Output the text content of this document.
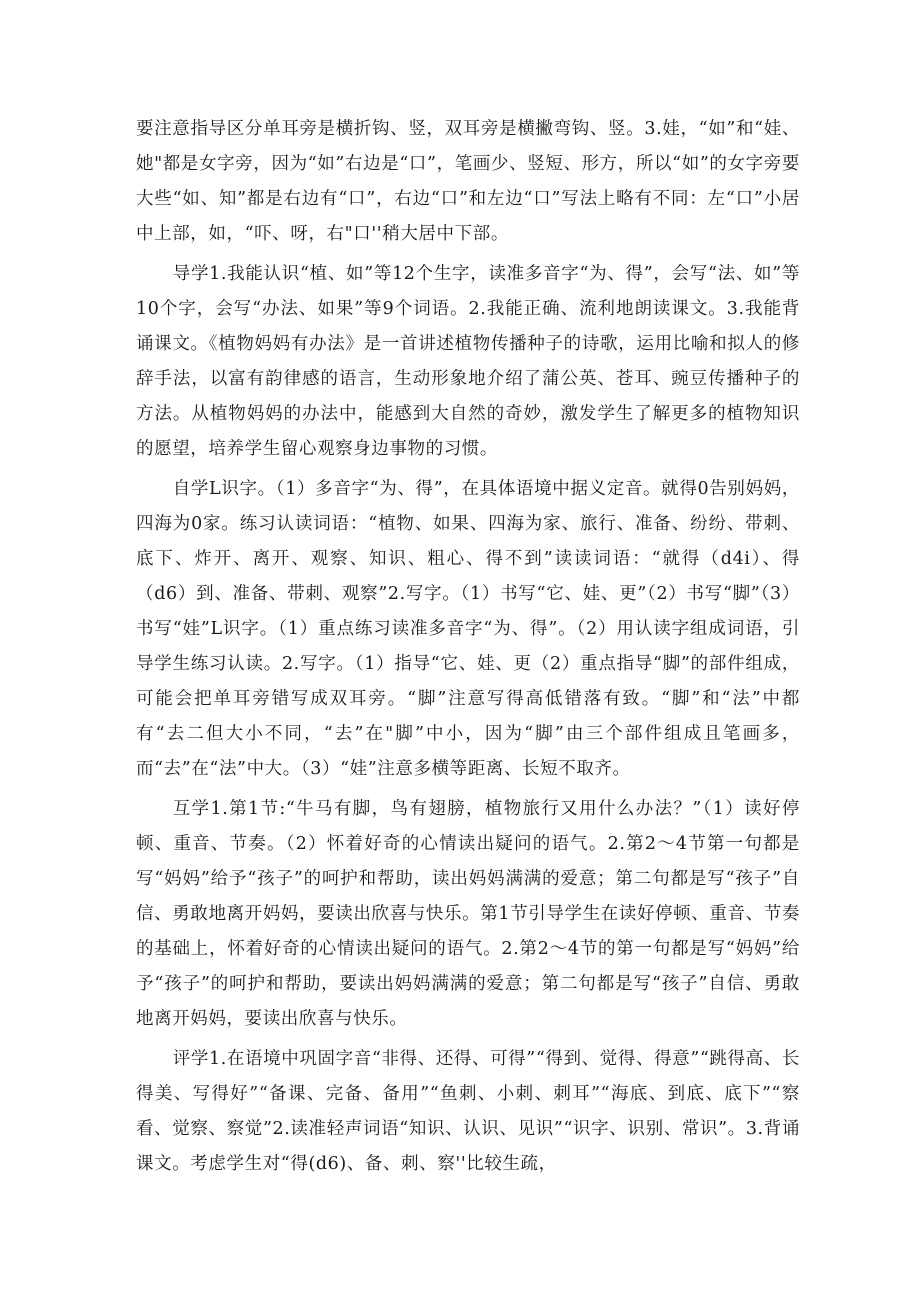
要注意指导区分单耳旁是横折钩、竖，双耳旁是横撇弯钩、竖。3.娃，“如”和“娃、她"都是女字旁，因为“如”右边是“口”，笔画少、竖短、形方，所以“如”的女字旁要大些“如、知”都是右边有“口”，右边“口”和左边“口”写法上略有不同：左“口”小居中上部，如，“吓、呀，右"口''稍大居中下部。

导学1.我能认识“植、如”等12个生字，读准多音字“为、得”，会写“法、如”等10个字，会写“办法、如果”等9个词语。2.我能正确、流利地朗读课文。3.我能背诵课文。《植物妈妈有办法》是一首讲述植物传播种子的诗歌，运用比喻和拟人的修辞手法，以富有韵律感的语言，生动形象地介绍了蒲公英、苍耳、豌豆传播种子的方法。从植物妈妈的办法中，能感到大自然的奇妙，激发学生了解更多的植物知识的愿望，培养学生留心观察身边事物的习惯。

自学L识字。（1）多音字“为、得”，在具体语境中据义定音。就得0告别妈妈，四海为0家。练习认读词语：“植物、如果、四海为家、旅行、准备、纷纷、带刺、底下、炸开、离开、观察、知识、粗心、得不到”读读词语：“就得（d4i）、得（d6）到、准备、带刺、观察”2.写字。（1）书写“它、娃、更”（2）书写“脚”（3）书写“娃”L识字。（1）重点练习读准多音字“为、得”。（2）用认读字组成词语，引导学生练习认读。2.写字。（1）指导“它、娃、更（2）重点指导“脚”的部件组成，可能会把单耳旁错写成双耳旁。“脚”注意写得高低错落有致。“脚”和“法”中都有“去二但大小不同，“去”在"脚”中小，因为“脚”由三个部件组成且笔画多，而“去”在“法”中大。（3）“娃”注意多横等距离、长短不取齐。

互学1.第1节:“牛马有脚，鸟有翅膀，植物旅行又用什么办法？”（1）读好停顿、重音、节奏。（2）怀着好奇的心情读出疑问的语气。2.第2～4节第一句都是写“妈妈”给予“孩子”的呵护和帮助，读出妈妈满满的爱意；第二句都是写“孩子”自信、勇敢地离开妈妈，要读出欣喜与快乐。第1节引导学生在读好停顿、重音、节奏的基础上，怀着好奇的心情读出疑问的语气。2.第2～4节的第一句都是写“妈妈”给予“孩子”的呵护和帮助，要读出妈妈满满的爱意；第二句都是写“孩子”自信、勇敢地离开妈妈，要读出欣喜与快乐。

评学1.在语境中巩固字音“非得、还得、可得”“得到、觉得、得意”“跳得高、长得美、写得好”“备课、完备、备用”“鱼刺、小刺、刺耳”“海底、到底、底下”“察看、觉察、察觉”2.读准轻声词语“知识、认识、见识”“识字、识别、常识”。3.背诵课文。考虑学生对“得(d6)、备、刺、察''比较生疏，
